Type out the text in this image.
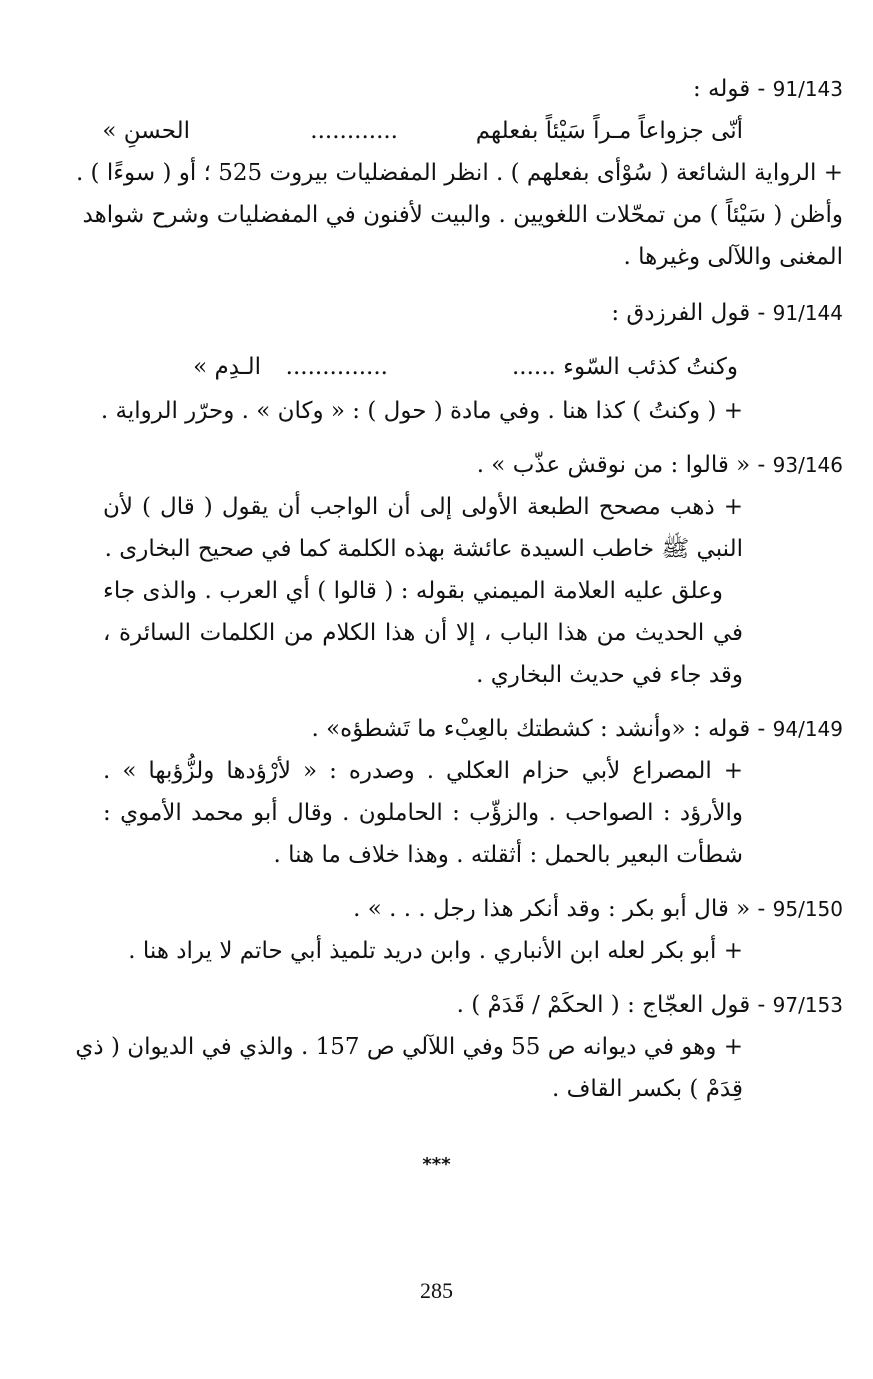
91/143 - قوله :
أنّى جزواعاً مـراً سَيْئاً بفعلهم
............
الحسنِ »
+ الرواية الشائعة ( سُوْأى بفعلهم ) . انظر المفضليات بيروت 525 ؛ أو ( سوءًا ) .
وأظن ( سَيْئاً ) من تمحّلات اللغويين . والبيت لأفنون في المفضليات وشرح شواهد
المغنى واللآلى وغيرها .
91/144 - قول الفرزدق :
وكنتُ كذئب السّوء ......
..............
الـدِم »
+ ( وكنتُ ) كذا هنا . وفي مادة ( حول ) : « وكان » . وحرّر الرواية .
93/146 - « قالوا : من نوقش عذّب » .
+ ذهب مصحح الطبعة الأولى إلى أن الواجب أن يقول ( قال ) لأن
النبي ﷺ خاطب السيدة عائشة بهذه الكلمة كما في صحيح البخارى .
وعلق عليه العلامة الميمني بقوله : ( قالوا ) أي العرب . والذى جاء
في الحديث من هذا الباب ، إلا أن هذا الكلام من الكلمات السائرة ،
وقد جاء في حديث البخاري .
94/149 - قوله : «وأنشد : كشطتك بالعِبْء ما تَشطؤه» .
+ المصراع لأبي حزام العكلي . وصدره : « لأرْؤدها ولزُّؤبها » .
والأرؤد : الصواحب . والزؤّب : الحاملون . وقال أبو محمد الأموي :
شطأت البعير بالحمل : أثقلته . وهذا خلاف ما هنا .
95/150 - « قال أبو بكر : وقد أنكر هذا رجل . . . » .
+ أبو بكر لعله ابن الأنباري . وابن دريد تلميذ أبي حاتم لا يراد هنا .
97/153 - قول العجّاج : ( الحكَمْ / قَدَمْ ) .
+ وهو في ديوانه ص 55 وفي اللآلي ص 157 . والذي في الديوان ( ذي
قِدَمْ ) بكسر القاف .
***
285
